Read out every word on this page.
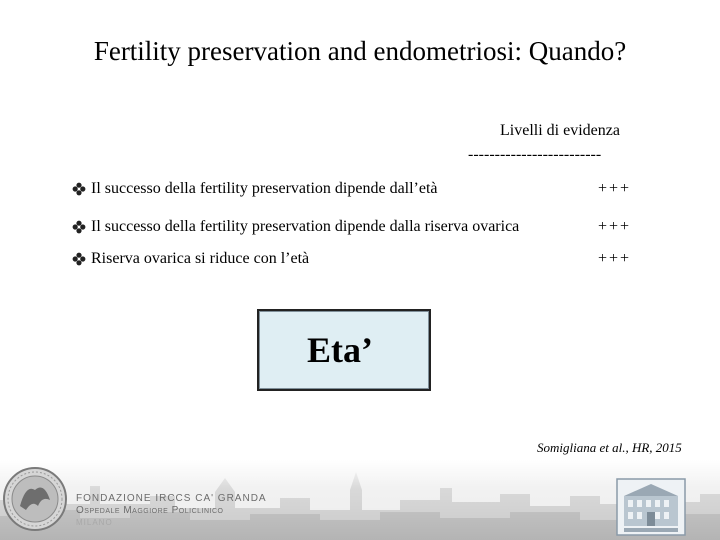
Fertility preservation and endometriosi: Quando?
Livelli di evidenza
-------------------------
Il successo della fertility preservation dipende dall’età	+++
Il successo della fertility preservation dipende dalla riserva ovarica	+++
Riserva ovarica si riduce con l’età	+++
Eta’
Somigliana et al., HR, 2015
FONDAZIONE IRCCS CA' GRANDA
Ospedale Maggiore Policlinico
MILANO
